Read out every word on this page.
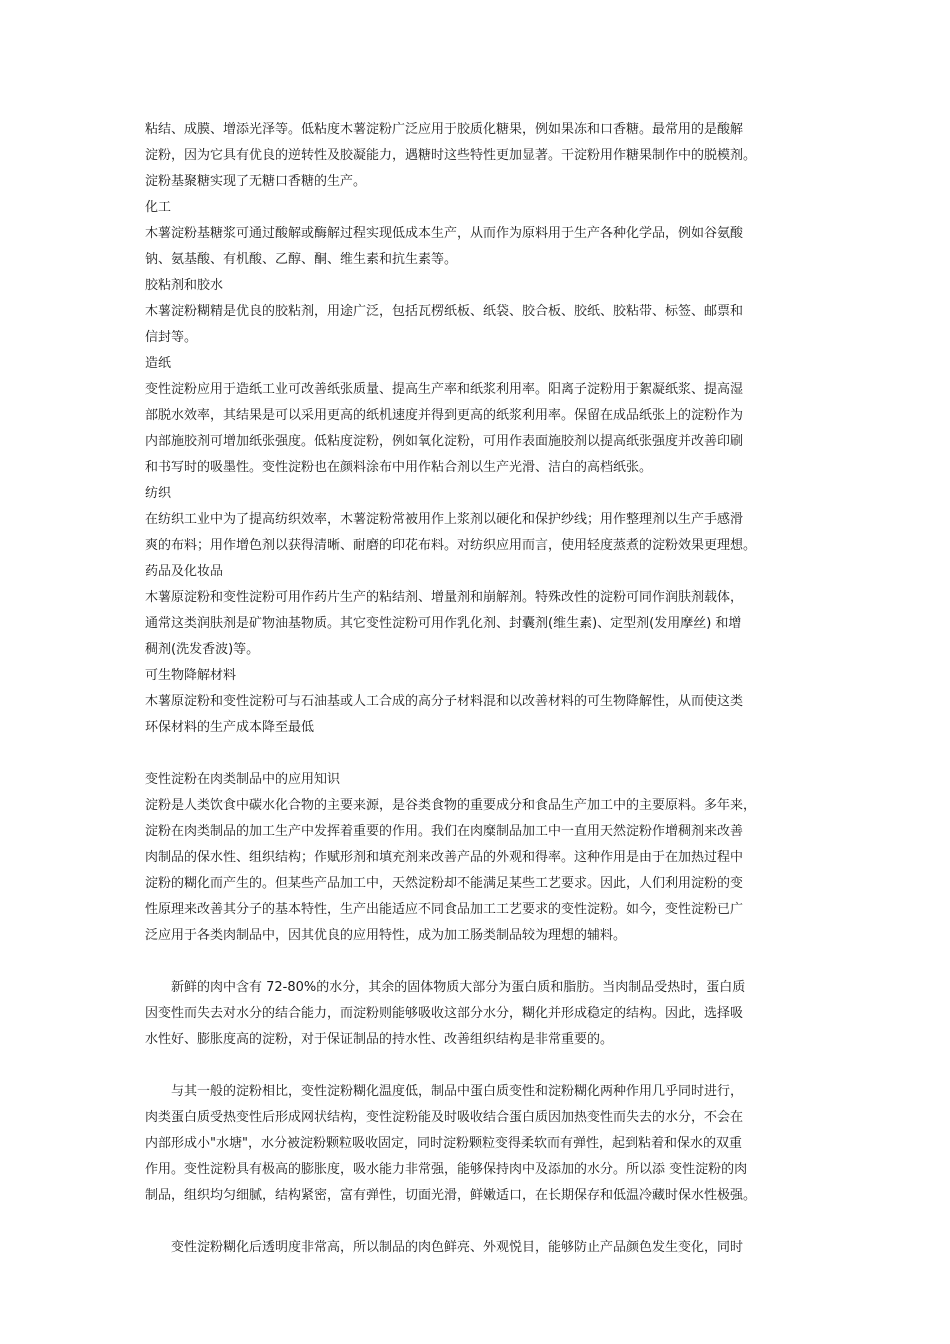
粘结、成膜、增添光泽等。低粘度木薯淀粉广泛应用于胶质化糖果，例如果冻和口香糖。最常用的是酸解
淀粉，因为它具有优良的逆转性及胶凝能力，遇糖时这些特性更加显著。干淀粉用作糖果制作中的脱模剂。
淀粉基聚糖实现了无糖口香糖的生产。
化工
木薯淀粉基糖浆可通过酸解或酶解过程实现低成本生产，从而作为原料用于生产各种化学品，例如谷氨酸
钠、氨基酸、有机酸、乙醇、酮、维生素和抗生素等。
胶粘剂和胶水
木薯淀粉糊精是优良的胶粘剂，用途广泛，包括瓦楞纸板、纸袋、胶合板、胶纸、胶粘带、标签、邮票和
信封等。
造纸
变性淀粉应用于造纸工业可改善纸张质量、提高生产率和纸浆利用率。阳离子淀粉用于絮凝纸浆、提高湿
部脱水效率，其结果是可以采用更高的纸机速度并得到更高的纸浆利用率。保留在成品纸张上的淀粉作为
内部施胶剂可增加纸张强度。低粘度淀粉，例如氧化淀粉，可用作表面施胶剂以提高纸张强度并改善印刷
和书写时的吸墨性。变性淀粉也在颜料涂布中用作粘合剂以生产光滑、洁白的高档纸张。
纺织
在纺织工业中为了提高纺织效率，木薯淀粉常被用作上浆剂以硬化和保护纱线；用作整理剂以生产手感滑
爽的布料；用作增色剂以获得清晰、耐磨的印花布料。对纺织应用而言，使用轻度蒸煮的淀粉效果更理想。
药品及化妆品
木薯原淀粉和变性淀粉可用作药片生产的粘结剂、增量剂和崩解剂。特殊改性的淀粉可同作润肤剂载体，
通常这类润肤剂是矿物油基物质。其它变性淀粉可用作乳化剂、封囊剂(维生素)、定型剂(发用摩丝) 和增
稠剂(洗发香波)等。
可生物降解材料
木薯原淀粉和变性淀粉可与石油基或人工合成的高分子材料混和以改善材料的可生物降解性，从而使这类
环保材料的生产成本降至最低
变性淀粉在肉类制品中的应用知识
淀粉是人类饮食中碳水化合物的主要来源，是谷类食物的重要成分和食品生产加工中的主要原料。多年来，
淀粉在肉类制品的加工生产中发挥着重要的作用。我们在肉糜制品加工中一直用天然淀粉作增稠剂来改善
肉制品的保水性、组织结构；作赋形剂和填充剂来改善产品的外观和得率。这种作用是由于在加热过程中
淀粉的糊化而产生的。但某些产品加工中，天然淀粉却不能满足某些工艺要求。因此，人们利用淀粉的变
性原理来改善其分子的基本特性，生产出能适应不同食品加工工艺要求的变性淀粉。如今，变性淀粉已广
泛应用于各类肉制品中，因其优良的应用特性，成为加工肠类制品较为理想的辅料。
新鲜的肉中含有 72-80%的水分，其余的固体物质大部分为蛋白质和脂肪。当肉制品受热时，蛋白质
因变性而失去对水分的结合能力，而淀粉则能够吸收这部分水分，糊化并形成稳定的结构。因此，选择吸
水性好、膨胀度高的淀粉，对于保证制品的持水性、改善组织结构是非常重要的。
与其一般的淀粉相比，变性淀粉糊化温度低，制品中蛋白质变性和淀粉糊化两种作用几乎同时进行，
肉类蛋白质受热变性后形成网状结构，变性淀粉能及时吸收结合蛋白质因加热变性而失去的水分，不会在
内部形成小"水塘"，水分被淀粉颗粒吸收固定，同时淀粉颗粒变得柔软而有弹性，起到粘着和保水的双重
作用。变性淀粉具有极高的膨胀度，吸水能力非常强，能够保持肉中及添加的水分。所以添 变性淀粉的肉
制品，组织均匀细腻，结构紧密，富有弹性，切面光滑，鲜嫩适口，在长期保存和低温冷藏时保水性极强。
变性淀粉糊化后透明度非常高，所以制品的肉色鲜亮、外观悦目，能够防止产品颜色发生变化，同时
